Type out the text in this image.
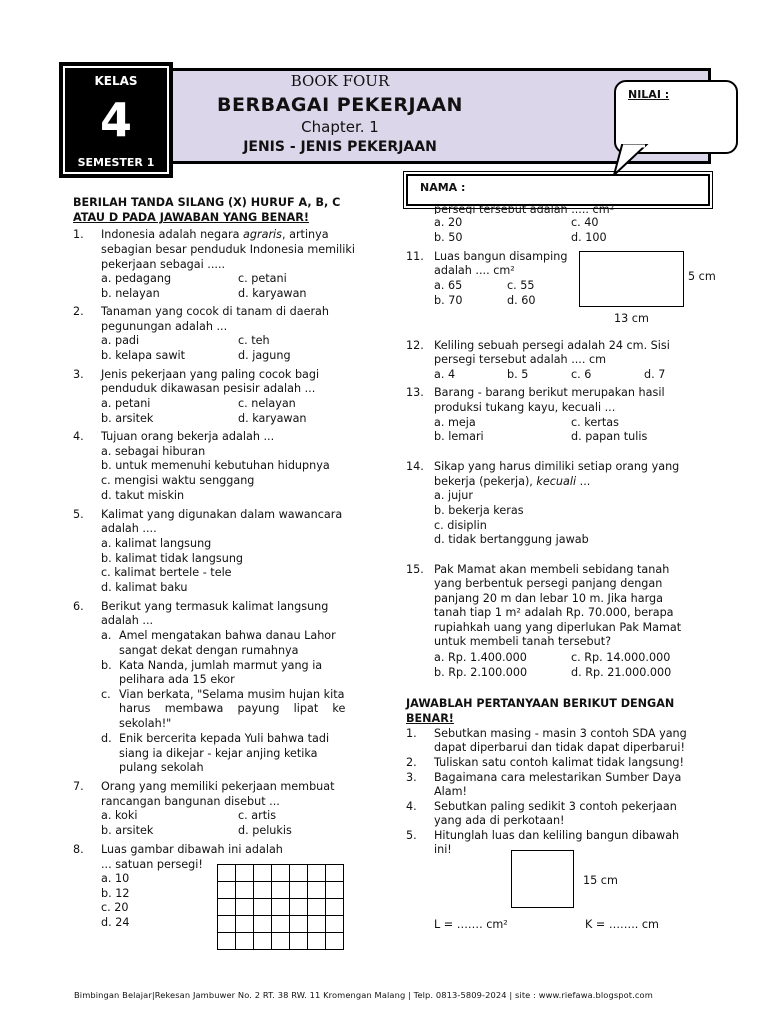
BOOK FOUR
BERBAGAI PEKERJAAN
Chapter. 1
JENIS - JENIS PEKERJAAN
KELAS
4
SEMESTER 1
NILAI :
NAMA :
BERILAH TANDA SILANG (X) HURUF A, B, C
ATAU D PADA JAWABAN YANG BENAR!
1. Indonesia adalah negara agraris, artinya
sebagian besar penduduk Indonesia memiliki
pekerjaan sebagai .....
a. pedagang	c. petani
b. nelayan	d. karyawan
2. Tanaman yang cocok di tanam di daerah
pegunungan adalah ...
a. padi	c. teh
b. kelapa sawit	d. jagung
3. Jenis pekerjaan yang paling cocok bagi
penduduk dikawasan pesisir adalah ...
a. petani	c. nelayan
b. arsitek	d. karyawan
4. Tujuan orang bekerja adalah ...
a. sebagai hiburan
b. untuk memenuhi kebutuhan hidupnya
c. mengisi waktu senggang
d. takut miskin
5. Kalimat yang digunakan dalam wawancara
adalah ....
a. kalimat langsung
b. kalimat tidak langsung
c. kalimat bertele - tele
d. kalimat baku
6. Berikut yang termasuk kalimat langsung
adalah ...
a. Amel mengatakan bahwa danau Lahor
sangat dekat dengan rumahnya
b. Kata Nanda, jumlah marmut yang ia
pelihara ada 15 ekor
c. Vian berkata, "Selama musim hujan kita
harus    membawa    payung    lipat    ke
sekolah!"
d. Enik bercerita kepada Yuli bahwa tadi
siang ia dikejar - kejar anjing ketika
pulang sekolah
7. Orang yang memiliki pekerjaan membuat
rancangan bangunan disebut ...
a. koki	c. artis
b. arsitek	d. pelukis
8. Luas gambar dibawah ini adalah
... satuan persegi!
a. 10
b. 12
c. 20
d. 24

persegi tersebut adalah ..... cm²
a. 20	c. 40
b. 50	d. 100
11. Luas bangun disamping
adalah .... cm²
a. 65	c. 55
b. 70	d. 60
5 cm
13 cm
12. Keliling sebuah persegi adalah 24 cm. Sisi
persegi tersebut adalah .... cm
a. 4	b. 5	c. 6	d. 7
13. Barang - barang berikut merupakan hasil
produksi tukang kayu, kecuali ...
a. meja	c. kertas
b. lemari	d. papan tulis
14. Sikap yang harus dimiliki setiap orang yang
bekerja (pekerja), kecuali ...
a. jujur
b. bekerja keras
c. disiplin
d. tidak bertanggung jawab
15. Pak Mamat akan membeli sebidang tanah
yang berbentuk persegi panjang dengan
panjang 20 m dan lebar 10 m. Jika harga
tanah tiap 1 m² adalah Rp. 70.000, berapa
rupiahkah uang yang diperlukan Pak Mamat
untuk membeli tanah tersebut?
a. Rp. 1.400.000	c. Rp. 14.000.000
b. Rp. 2.100.000	d. Rp. 21.000.000
JAWABLAH PERTANYAAN BERIKUT DENGAN
BENAR!
1. Sebutkan masing - masin 3 contoh SDA yang
dapat diperbarui dan tidak dapat diperbarui!
2. Tuliskan satu contoh kalimat tidak langsung!
3. Bagaimana cara melestarikan Sumber Daya
Alam!
4. Sebutkan paling sedikit 3 contoh pekerjaan
yang ada di perkotaan!
5. Hitunglah luas dan keliling bangun dibawah
ini!
15 cm
L = ……. cm²	K = …….. cm
Bimbingan Belajar|Rekesan Jambuwer No. 2 RT. 38 RW. 11 Kromengan Malang | Telp. 0813-5809-2024 | site : www.riefawa.blogspot.com
